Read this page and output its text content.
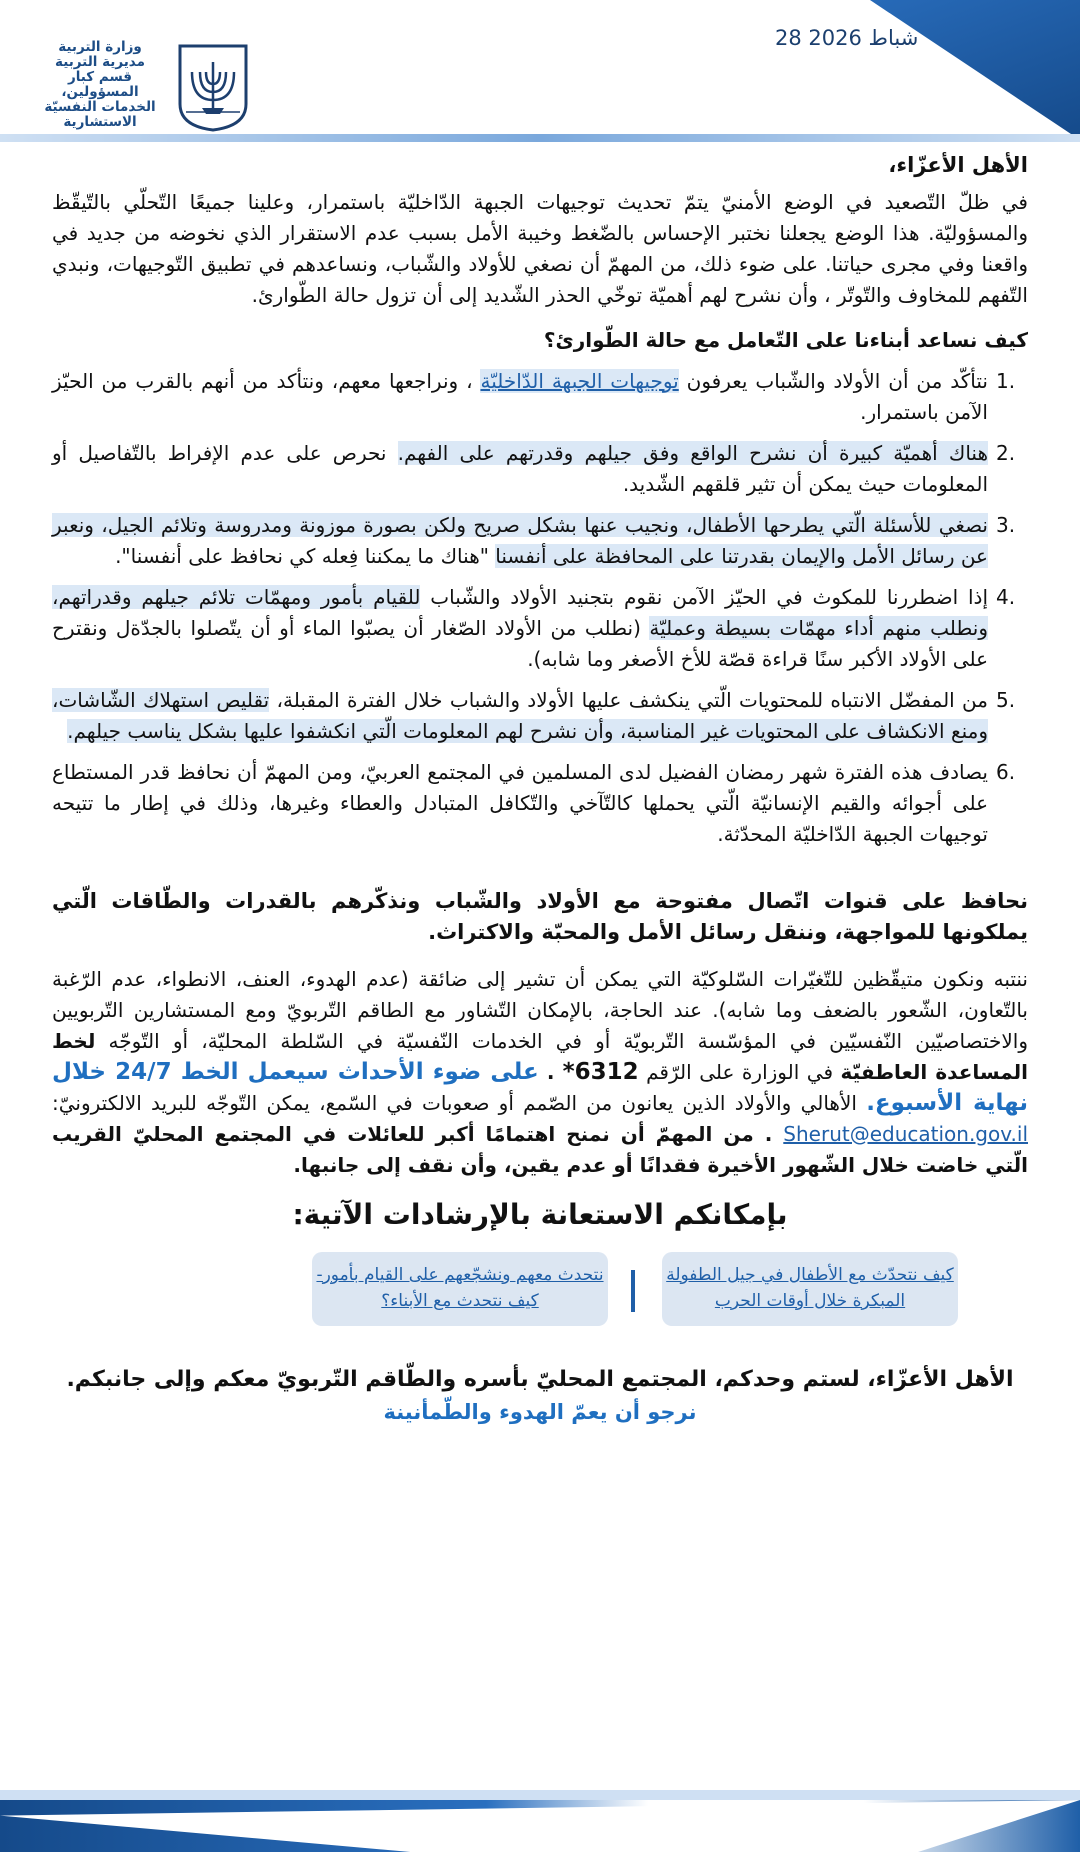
28 شباط 2026
وزارة التربية
مديرية التربية
قسم كبار المسؤولين،
الخدمات النفسيّة
الاستشارية

الأهل الأعزّاء،

في ظلّ التّصعيد في الوضع الأمنيّ يتمّ تحديث توجيهات الجبهة الدّاخليّة باستمرار، وعلينا جميعًا التّحلّي بالتّيقّظ والمسؤوليّة. هذا الوضع يجعلنا نختبر الإحساس بالضّغط وخيبة الأمل بسبب عدم الاستقرار الذي نخوضه من جديد في واقعنا وفي مجرى حياتنا. على ضوء ذلك، من المهمّ أن نصغي للأولاد والشّباب، ونساعدهم في تطبيق التّوجيهات، ونبدي التّفهم للمخاوف والتّوتّر ، وأن نشرح لهم أهميّة توخّي الحذر الشّديد إلى أن تزول حالة الطّوارئ.

كيف نساعد أبناءنا على التّعامل مع حالة الطّوارئ؟

.1
نتأكّد من أن الأولاد والشّباب يعرفون توجيهات الجبهة الدّاخليّة ، ونراجعها معهم، ونتأكد من أنهم بالقرب من الحيّز الآمن باستمرار.
.2
هناك أهميّة كبيرة أن نشرح الواقع وفق جيلهم وقدرتهم على الفهم. نحرص على عدم الإفراط بالتّفاصيل أو المعلومات حيث يمكن أن تثير قلقهم الشّديد.
.3
نصغي للأسئلة الّتي يطرحها الأطفال، ونجيب عنها بشكل صريح ولكن بصورة موزونة ومدروسة وتلائم الجيل، ونعبر عن رسائل الأمل والإيمان بقدرتنا على المحافظة على أنفسنا "هناك ما يمكننا فِعله كي نحافظ على أنفسنا".
.4
إذا اضطررنا للمكوث في الحيّز الآمن نقوم بتجنيد الأولاد والشّباب للقيام بأمور ومهمّات تلائم جيلهم وقدراتهم، ونطلب منهم أداء مهمّات بسيطة وعمليّة (نطلب من الأولاد الصّغار أن يصبّوا الماء أو أن يتّصلوا بالجدّةل ونقترح على الأولاد الأكبر سنًا قراءة قصّة للأخ الأصغر وما شابه).
.5
من المفضّل الانتباه للمحتويات الّتي ينكشف عليها الأولاد والشباب خلال الفترة المقبلة، تقليص استهلاك الشّاشات، ومنع الانكشاف على المحتويات غير المناسبة، وأن نشرح لهم المعلومات الّتي انكشفوا عليها بشكل يناسب جيلهم.
.6
يصادف هذه الفترة شهر رمضان الفضيل لدى المسلمين في المجتمع العربيّ، ومن المهمّ أن نحافظ قدر المستطاع على أجوائه والقيم الإنسانيّة الّتي يحملها كالتّآخي والتّكافل المتبادل والعطاء وغيرها، وذلك في إطار ما تتيحه توجيهات الجبهة الدّاخليّة المحدّثة.

نحافظ على قنوات اتّصال مفتوحة مع الأولاد والشّباب ونذكّرهم بالقدرات والطّاقات الّتي يملكونها للمواجهة، وننقل رسائل الأمل والمحبّة والاكتراث.

ننتبه ونكون متيقّظين للتّغيّرات السّلوكيّة التي يمكن أن تشير إلى ضائقة (عدم الهدوء، العنف، الانطواء، عدم الرّغبة بالتّعاون، الشّعور بالضعف وما شابه). عند الحاجة، بالإمكان التّشاور مع الطاقم التّربويّ ومع المستشارين التّربويين والاختصاصيّين النّفسيّين في المؤسّسة التّربويّة أو في الخدمات النّفسيّة في السّلطة المحليّة، أو التّوجّه لخط المساعدة العاطفيّة في الوزارة على الرّقم 6312* . على ضوء الأحداث سيعمل الخط 24/7 خلال نهاية الأسبوع. الأهالي والأولاد الذين يعانون من الصّمم أو صعوبات في السّمع، يمكن التّوجّه للبريد الالكترونيّ: Sherut@education.gov.il . من المهمّ أن نمنح اهتمامًا أكبر للعائلات في المجتمع المحليّ القريب الّتي خاضت خلال الشّهور الأخيرة فقدانًا أو عدم يقين، وأن نقف إلى جانبها.

بإمكانكم الاستعانة بالإرشادات الآتية:

كيف نتحدّث مع الأطفال في جيل الطفولة المبكرة خلال أوقات الحرب
نتحدث معهم ونشجّعهم على القيام بأمور- كيف نتحدث مع الأبناء؟
الأهل الأعزّاء، لستم وحدكم، المجتمع المحليّ بأسره والطّاقم التّربويّ معكم وإلى جانبكم.
نرجو أن يعمّ الهدوء والطّمأنينة
